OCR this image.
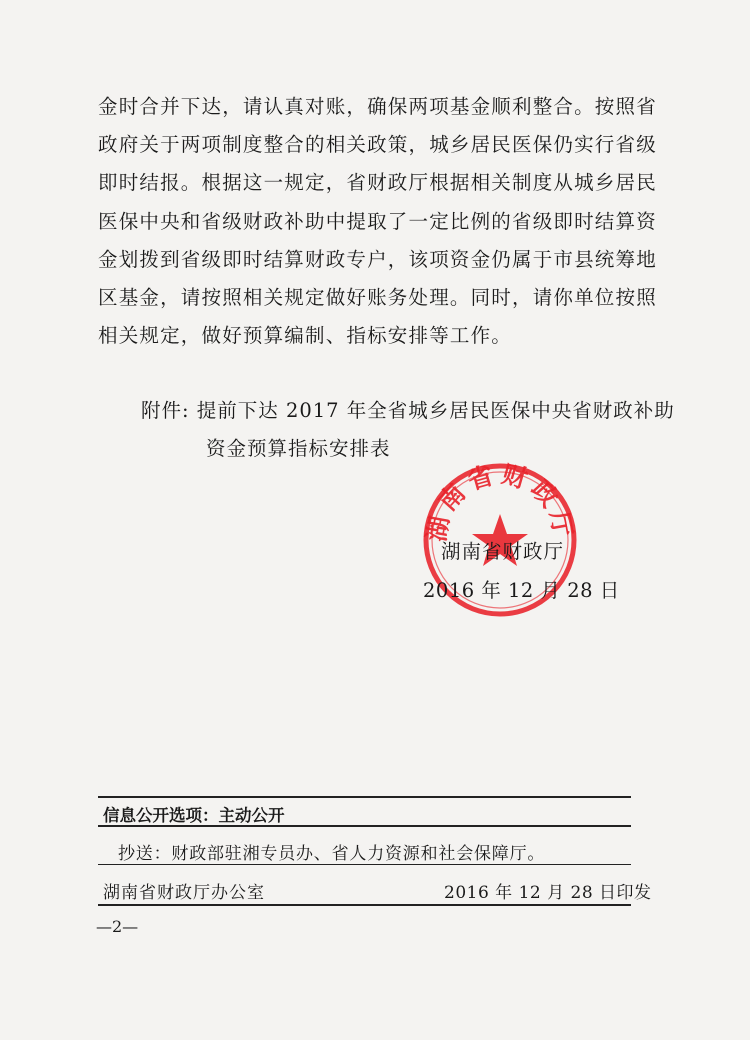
金时合并下达，请认真对账，确保两项基金顺利整合。按照省
政府关于两项制度整合的相关政策，城乡居民医保仍实行省级
即时结报。根据这一规定，省财政厅根据相关制度从城乡居民
医保中央和省级财政补助中提取了一定比例的省级即时结算资
金划拨到省级即时结算财政专户，该项资金仍属于市县统筹地
区基金，请按照相关规定做好账务处理。同时，请你单位按照
相关规定，做好预算编制、指标安排等工作。
附件: 提前下达 2017 年全省城乡居民医保中央省财政补助
资金预算指标安排表
湖南省财政厅
湖南省财政厅
2016 年 12 月 28 日
信息公开选项：主动公开
抄送：财政部驻湘专员办、省人力资源和社会保障厅。
湖南省财政厅办公室	2016 年 12 月 28 日印发
—2—
